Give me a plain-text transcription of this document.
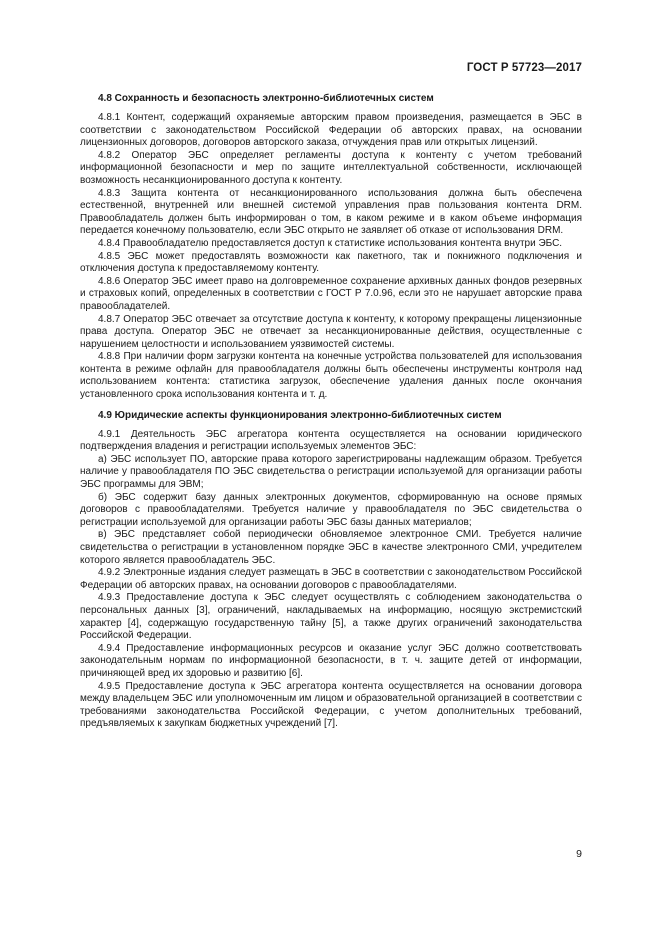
ГОСТ Р 57723—2017
4.8 Сохранность и безопасность электронно-библиотечных систем

4.8.1 Контент, содержащий охраняемые авторским правом произведения, размещается в ЭБС в соответствии с законодательством Российской Федерации об авторских правах, на основании лицензионных договоров, договоров авторского заказа, отчуждения прав или открытых лицензий.

4.8.2 Оператор ЭБС определяет регламенты доступа к контенту с учетом требований информационной безопасности и мер по защите интеллектуальной собственности, исключающей возможность несанкционированного доступа к контенту.

4.8.3 Защита контента от несанкционированного использования должна быть обеспечена естественной, внутренней или внешней системой управления прав пользования контента DRM. Правообладатель должен быть информирован о том, в каком режиме и в каком объеме информация передается конечному пользователю, если ЭБС открыто не заявляет об отказе от использования DRM.

4.8.4 Правообладателю предоставляется доступ к статистике использования контента внутри ЭБС.

4.8.5 ЭБС может предоставлять возможности как пакетного, так и покнижного подключения и отключения доступа к предоставляемому контенту.

4.8.6 Оператор ЭБС имеет право на долговременное сохранение архивных данных фондов резервных и страховых копий, определенных в соответствии с ГОСТ Р 7.0.96, если это не нарушает авторские права правообладателей.

4.8.7 Оператор ЭБС отвечает за отсутствие доступа к контенту, к которому прекращены лицензионные права доступа. Оператор ЭБС не отвечает за несанкционированные действия, осуществленные с нарушением целостности и использованием уязвимостей системы.

4.8.8 При наличии форм загрузки контента на конечные устройства пользователей для использования контента в режиме офлайн для правообладателя должны быть обеспечены инструменты контроля над использованием контента: статистика загрузок, обеспечение удаления данных после окончания установленного срока использования контента и т. д.

4.9 Юридические аспекты функционирования электронно-библиотечных систем

4.9.1 Деятельность ЭБС агрегатора контента осуществляется на основании юридического подтверждения владения и регистрации используемых элементов ЭБС:

а) ЭБС использует ПО, авторские права которого зарегистрированы надлежащим образом. Требуется наличие у правообладателя ПО ЭБС свидетельства о регистрации используемой для организации работы ЭБС программы для ЭВМ;

б) ЭБС содержит базу данных электронных документов, сформированную на основе прямых договоров с правообладателями. Требуется наличие у правообладателя по ЭБС свидетельства о регистрации используемой для организации работы ЭБС базы данных материалов;

в) ЭБС представляет собой периодически обновляемое электронное СМИ. Требуется наличие свидетельства о регистрации в установленном порядке ЭБС в качестве электронного СМИ, учредителем которого является правообладатель ЭБС.

4.9.2 Электронные издания следует размещать в ЭБС в соответствии с законодательством Российской Федерации об авторских правах, на основании договоров с правообладателями.

4.9.3 Предоставление доступа к ЭБС следует осуществлять с соблюдением законодательства о персональных данных [3], ограничений, накладываемых на информацию, носящую экстремистский характер [4], содержащую государственную тайну [5], а также других ограничений законодательства Российской Федерации.

4.9.4 Предоставление информационных ресурсов и оказание услуг ЭБС должно соответствовать законодательным нормам по информационной безопасности, в т. ч. защите детей от информации, причиняющей вред их здоровью и развитию [6].

4.9.5 Предоставление доступа к ЭБС агрегатора контента осуществляется на основании договора между владельцем ЭБС или уполномоченным им лицом и образовательной организацией в соответствии с требованиями законодательства Российской Федерации, с учетом дополнительных требований, предъявляемых к закупкам бюджетных учреждений [7].

9
